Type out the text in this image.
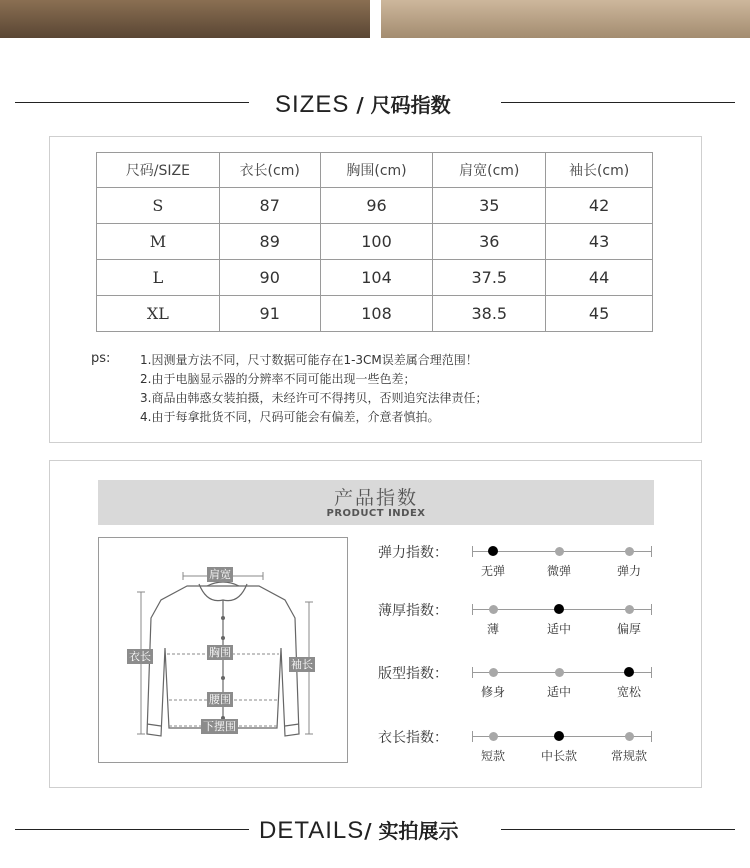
SIZES / 尺码指数
尺码/SIZE	衣长(cm)	胸围(cm)	肩宽(cm)	袖长(cm)
S	87	96	35	42
M	89	100	36	43
L	90	104	37.5	44
XL	91	108	38.5	45
ps: 1.因测量方法不同，尺寸数据可能存在1-3CM误差属合理范围！
2.由于电脑显示器的分辨率不同可能出现一些色差；
3.商品由韩惑女装拍摄，未经许可不得拷贝，否则追究法律责任；
4.由于每拿批货不同，尺码可能会有偏差，介意者慎拍。
产品指数
PRODUCT INDEX
肩宽
衣长	胸围
袖长
腰围
下摆围
弹力指数：
无弹	微弹	弹力
薄厚指数：
薄	适中	偏厚
版型指数：
修身	适中	宽松
衣长指数：
短款	中长款	常规款
DETAILS/ 实拍展示
